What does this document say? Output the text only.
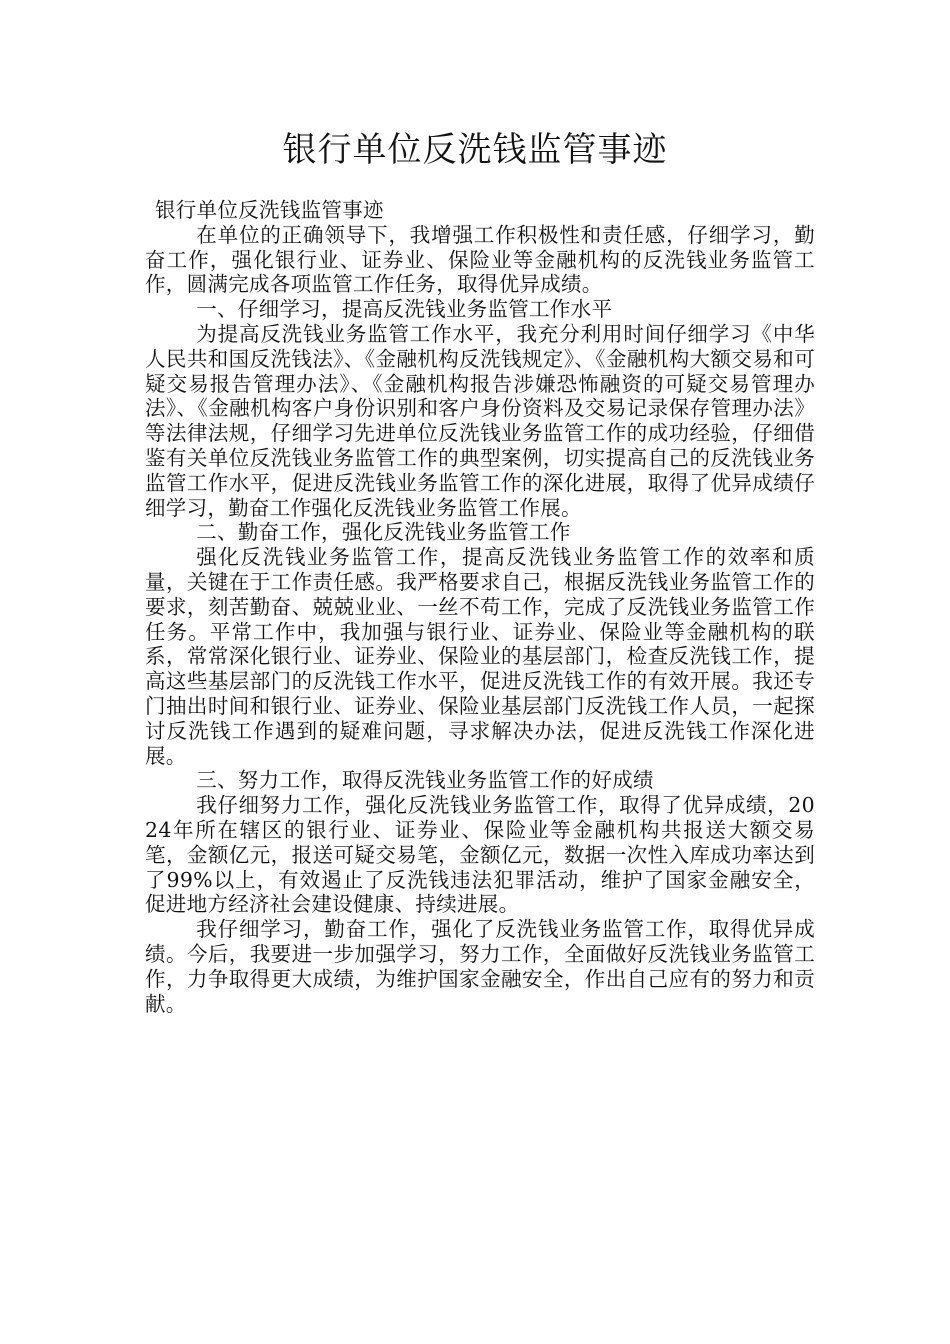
银行单位反洗钱监管事迹

银行单位反洗钱监管事迹

在单位的正确领导下，我增强工作积极性和责任感，仔细学习，勤奋工作，强化银行业、证券业、保险业等金融机构的反洗钱业务监管工作，圆满完成各项监管工作任务，取得优异成绩。

一、仔细学习，提高反洗钱业务监管工作水平

为提高反洗钱业务监管工作水平，我充分利用时间仔细学习《中华人民共和国反洗钱法》、《金融机构反洗钱规定》、《金融机构大额交易和可疑交易报告管理办法》、《金融机构报告涉嫌恐怖融资的可疑交易管理办法》、《金融机构客户身份识别和客户身份资料及交易记录保存管理办法》等法律法规，仔细学习先进单位反洗钱业务监管工作的成功经验，仔细借鉴有关单位反洗钱业务监管工作的典型案例，切实提高自己的反洗钱业务监管工作水平，促进反洗钱业务监管工作的深化进展，取得了优异成绩仔细学习，勤奋工作强化反洗钱业务监管工作展。

二、勤奋工作，强化反洗钱业务监管工作

强化反洗钱业务监管工作，提高反洗钱业务监管工作的效率和质量，关键在于工作责任感。我严格要求自己，根据反洗钱业务监管工作的要求，刻苦勤奋、兢兢业业、一丝不苟工作，完成了反洗钱业务监管工作任务。平常工作中，我加强与银行业、证券业、保险业等金融机构的联系，常常深化银行业、证券业、保险业的基层部门，检查反洗钱工作，提高这些基层部门的反洗钱工作水平，促进反洗钱工作的有效开展。我还专门抽出时间和银行业、证券业、保险业基层部门反洗钱工作人员，一起探讨反洗钱工作遇到的疑难问题，寻求解决办法，促进反洗钱工作深化进展。

三、努力工作，取得反洗钱业务监管工作的好成绩

我仔细努力工作，强化反洗钱业务监管工作，取得了优异成绩，2024年所在辖区的银行业、证券业、保险业等金融机构共报送大额交易笔，金额亿元，报送可疑交易笔，金额亿元，数据一次性入库成功率达到了99%以上，有效遏止了反洗钱违法犯罪活动，维护了国家金融安全，促进地方经济社会建设健康、持续进展。

我仔细学习，勤奋工作，强化了反洗钱业务监管工作，取得优异成绩。今后，我要进一步加强学习，努力工作，全面做好反洗钱业务监管工作，力争取得更大成绩，为维护国家金融安全，作出自己应有的努力和贡献。
